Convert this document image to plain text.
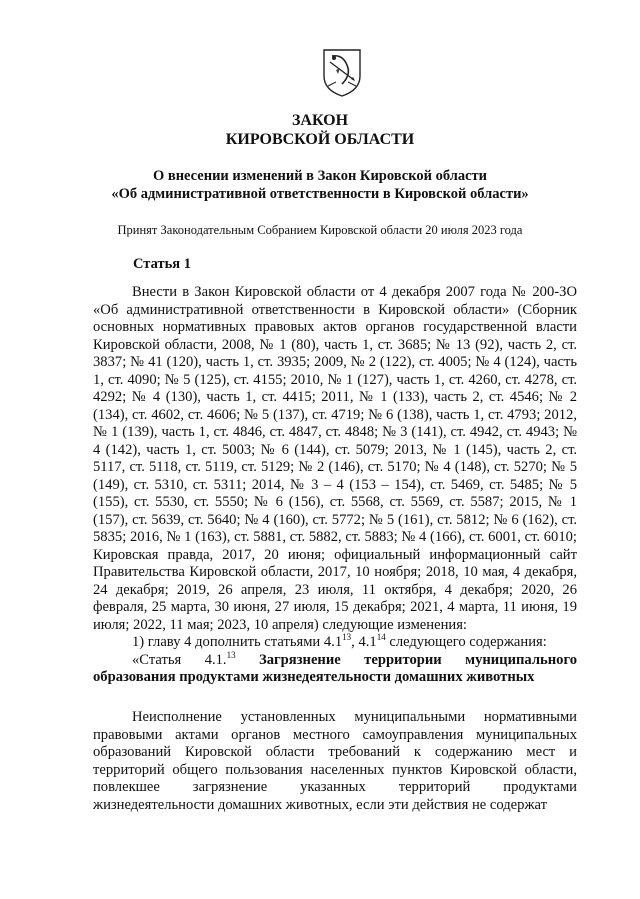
ЗАКОН
КИРОВСКОЙ ОБЛАСТИ
О внесении изменений в Закон Кировской области
«Об административной ответственности в Кировской области»
Принят Законодательным Собранием Кировской области 20 июля 2023 года
Статья 1

Внести в Закон Кировской области от 4 декабря 2007 года № 200-ЗО «Об административной ответственности в Кировской области» (Сборник основных нормативных правовых актов органов государственной власти Кировской области, 2008, № 1 (80), часть 1, ст. 3685; № 13 (92), часть 2, ст. 3837; № 41 (120), часть 1, ст. 3935; 2009, № 2 (122), ст. 4005; № 4 (124), часть 1, ст. 4090; № 5 (125), ст. 4155; 2010, № 1 (127), часть 1, ст. 4260, ст. 4278, ст. 4292; № 4 (130), часть 1, ст. 4415; 2011, № 1 (133), часть 2, ст. 4546; № 2 (134), ст. 4602, ст. 4606; № 5 (137), ст. 4719; № 6 (138), часть 1, ст. 4793; 2012, № 1 (139), часть 1, ст. 4846, ст. 4847, ст. 4848; № 3 (141), ст. 4942, ст. 4943; № 4 (142), часть 1, ст. 5003; № 6 (144), ст. 5079; 2013, № 1 (145), часть 2, ст. 5117, ст. 5118, ст. 5119, ст. 5129; № 2 (146), ст. 5170; № 4 (148), ст. 5270; № 5 (149), ст. 5310, ст. 5311; 2014, № 3 – 4 (153 – 154), ст. 5469, ст. 5485; № 5 (155), ст. 5530, ст. 5550; № 6 (156), ст. 5568, ст. 5569, ст. 5587; 2015, № 1 (157), ст. 5639, ст. 5640; № 4 (160), ст. 5772; № 5 (161), ст. 5812; № 6 (162), ст. 5835; 2016, № 1 (163), ст. 5881, ст. 5882, ст. 5883; № 4 (166), ст. 6001, ст. 6010; Кировская правда, 2017, 20 июня; официальный информационный сайт Правительства Кировской области, 2017, 10 ноября; 2018, 10 мая, 4 декабря, 24 декабря; 2019, 26 апреля, 23 июля, 11 октября, 4 декабря; 2020, 26 февраля, 25 марта, 30 июня, 27 июля, 15 декабря; 2021, 4 марта, 11 июня, 19 июля; 2022, 11 мая; 2023, 10 апреля) следующие изменения:

1) главу 4 дополнить статьями $4.1^{13}$, $4.1^{14}$ следующего содержания:

«Статья 4.1.13 Загрязнение территории муниципального образования продуктами жизнедеятельности домашних животных

Неисполнение установленных муниципальными нормативными правовыми актами органов местного самоуправления муниципальных образований Кировской области требований к содержанию мест и территорий общего пользования населенных пунктов Кировской области, повлекшее загрязнение указанных территорий продуктами жизнедеятельности домашних животных, если эти действия не содержат
